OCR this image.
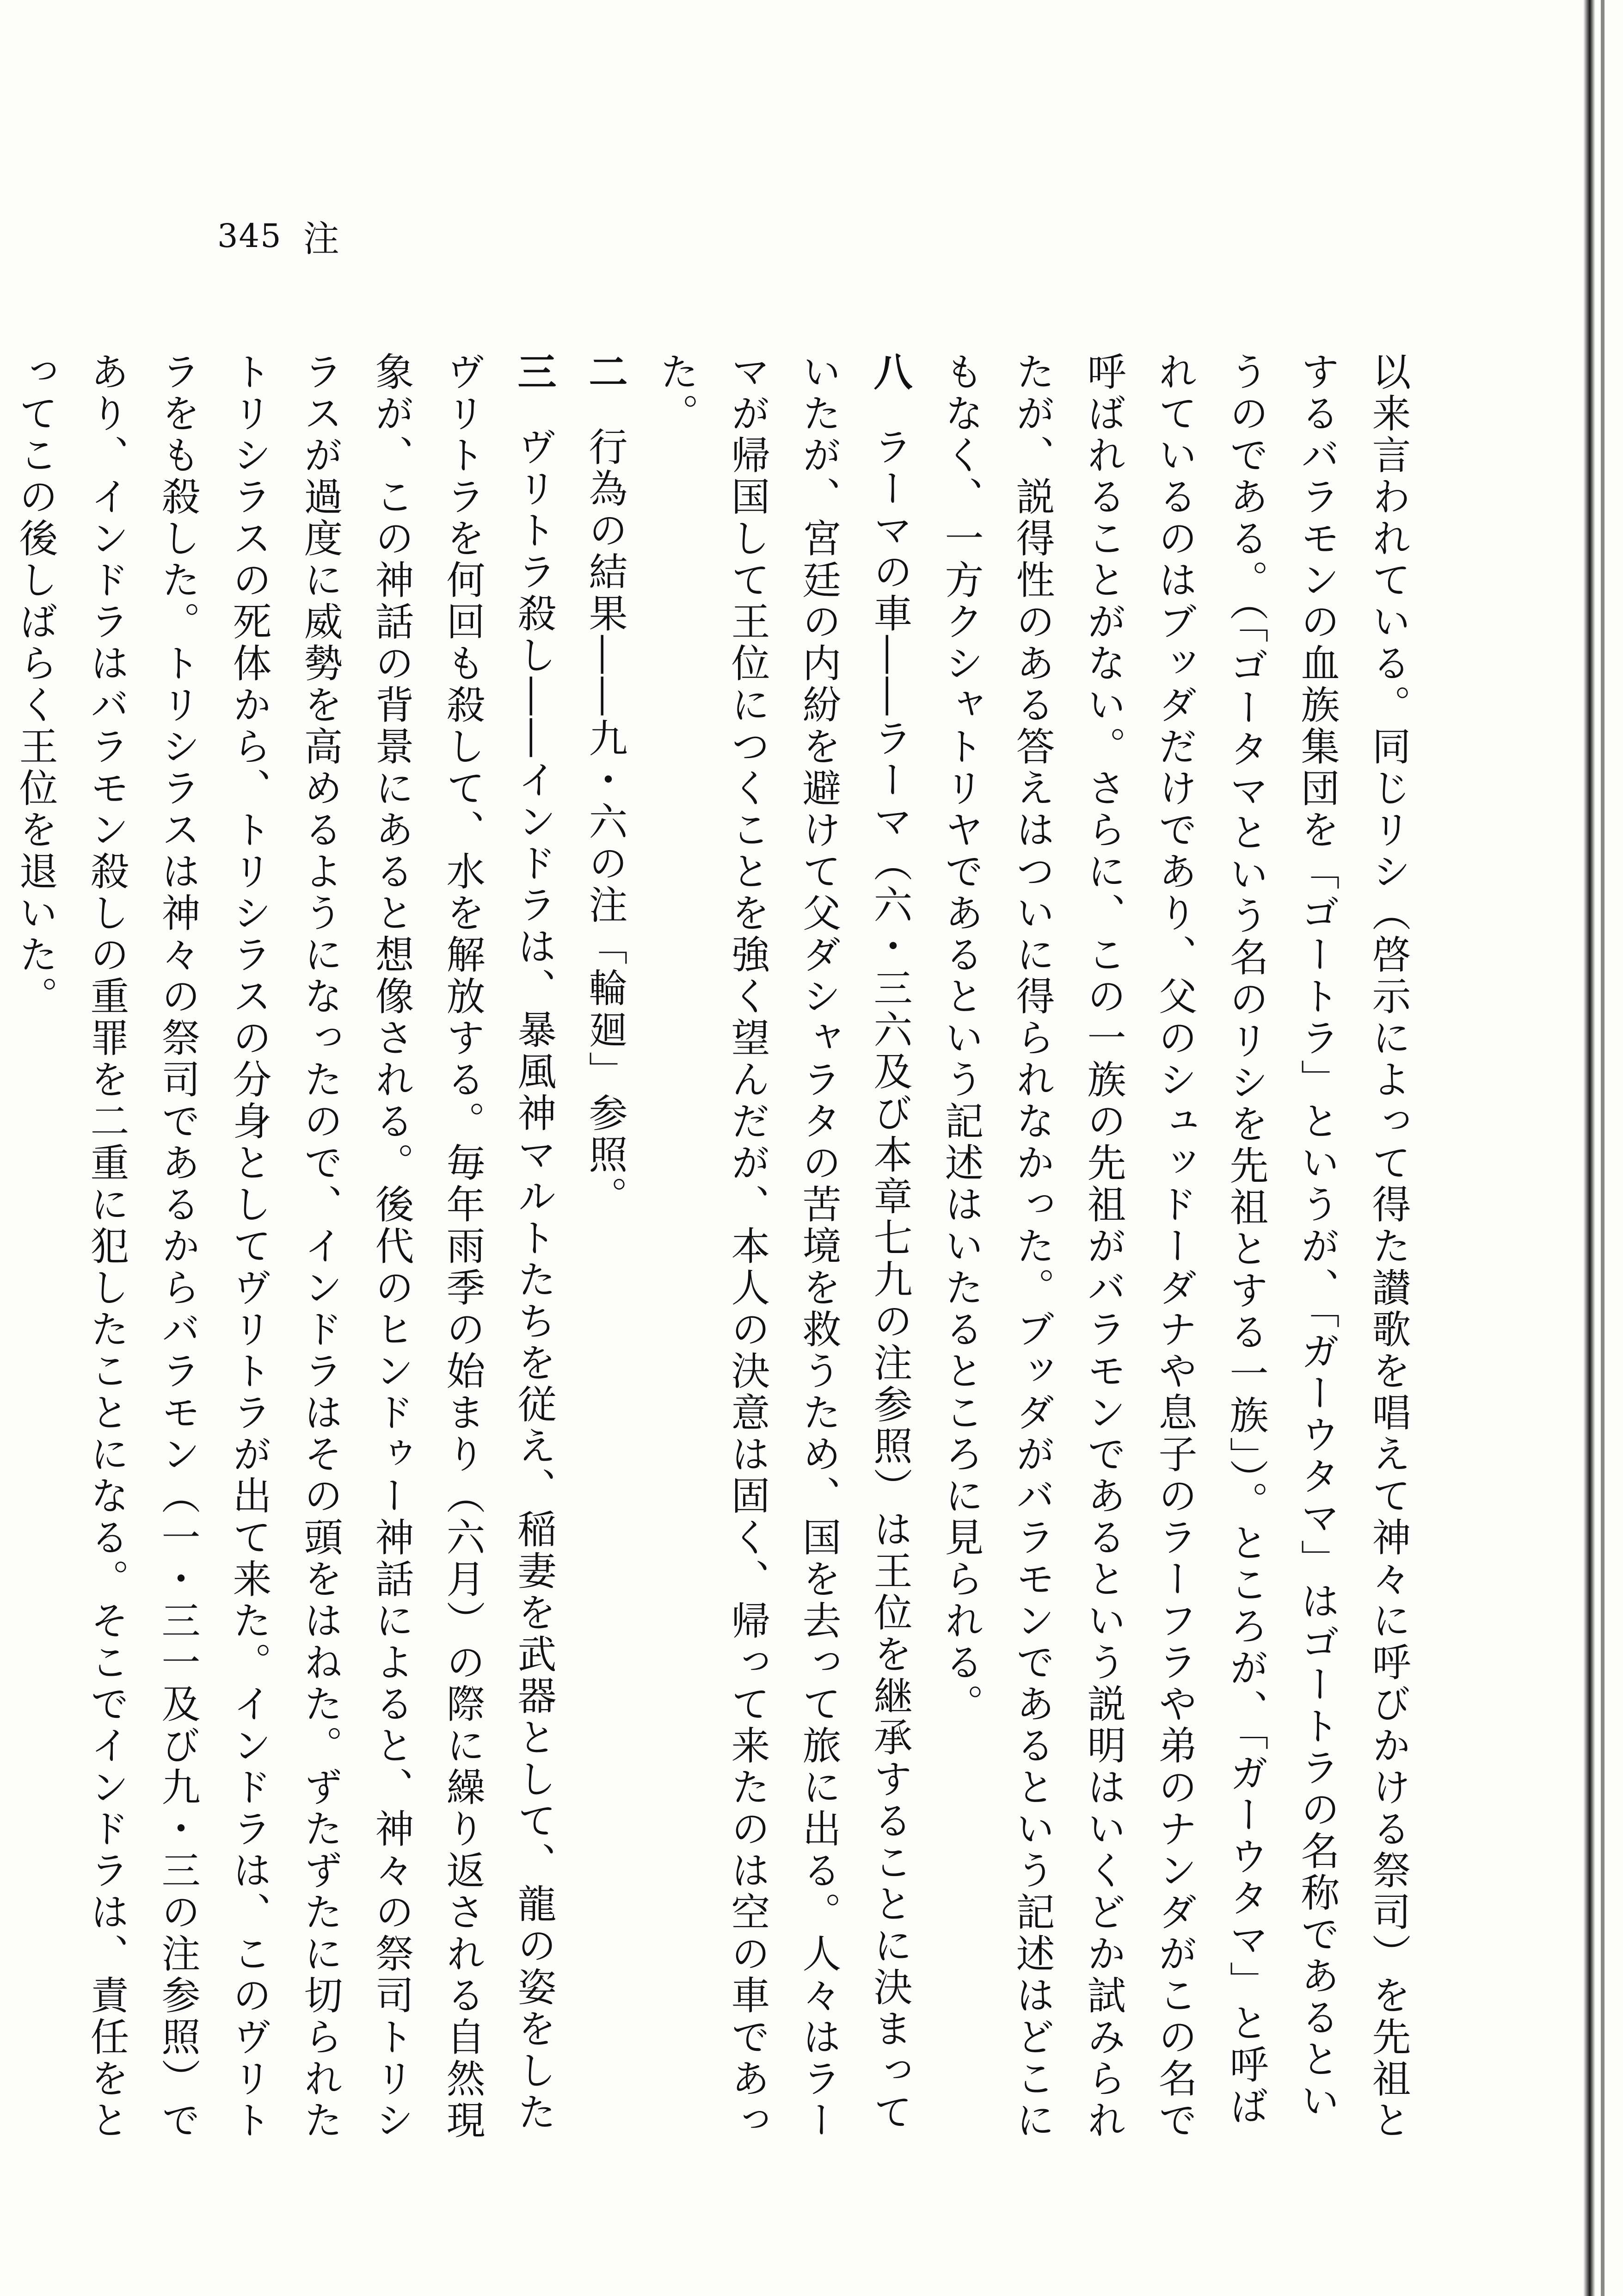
345 注

以来言われている。同じリシ（啓示によって得た讃歌を唱えて神々に呼びかける祭司）を先祖とするバラモンの血族集団を「ゴートラ」というが、「ガーウタマ」はゴートラの名称であるというのである。（「ゴータマという名のリシを先祖とする一族」）。ところが、「ガーウタマ」と呼ばれているのはブッダだけであり、父のシュッドーダナや息子のラーフラや弟のナンダがこの名で呼ばれることがない。さらに、この一族の先祖がバラモンであるという説明はいくどか試みられたが、説得性のある答えはついに得られなかった。ブッダがバラモンであるという記述はどこにもなく、一方クシャトリヤであるという記述はいたるところに見られる。

八 ラーマの車――ラーマ（六・三六及び本章七九の注参照）は王位を継承することに決まっていたが、宮廷の内紛を避けて父ダシャラタの苦境を救うため、国を去って旅に出る。人々はラーマが帰国して王位につくことを強く望んだが、本人の決意は固く、帰って来たのは空の車であった。

二 行為の結果――九・六の注「輪廻」参照。

三 ヴリトラ殺し――インドラは、暴風神マルトたちを従え、稲妻を武器として、龍の姿をしたヴリトラを何回も殺して、水を解放する。毎年雨季の始まり（六月）の際に繰り返される自然現象が、この神話の背景にあると想像される。後代のヒンドゥー神話によると、神々の祭司トリシラスが過度に威勢を高めるようになったので、インドラはその頭をはねた。ずたずたに切られたトリシラスの死体から、トリシラスの分身としてヴリトラが出て来た。インドラは、このヴリトラをも殺した。トリシラスは神々の祭司であるからバラモン（一・三一及び九・三の注参照）であり、インドラはバラモン殺しの重罪を二重に犯したことになる。そこでインドラは、責任をとってこの後しばらく王位を退いた。
